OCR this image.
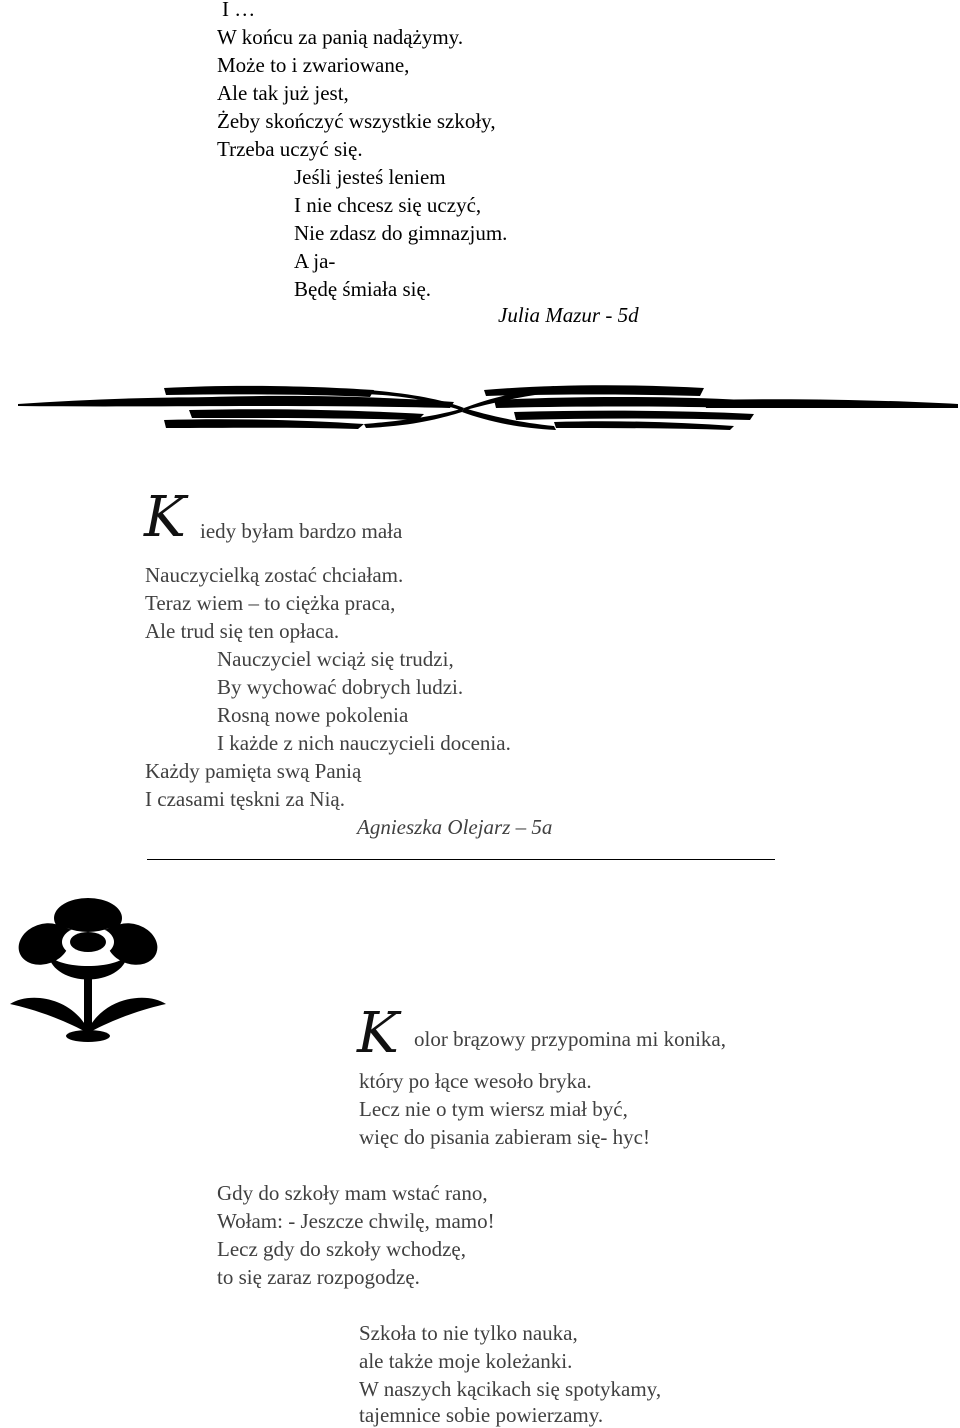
I …
W końcu za panią nadążymy.
Może to i zwariowane,
Ale tak już jest,
Żeby skończyć wszystkie szkoły,
Trzeba uczyć się.
Jeśli jesteś leniem
I nie chcesz się uczyć,
Nie zdasz do gimnazjum.
A ja-
Będę śmiała się.
Julia Mazur - 5d
K iedy byłam bardzo mała
Nauczycielką zostać chciałam.
Teraz wiem – to ciężka praca,
Ale trud się ten opłaca.
Nauczyciel wciąż się trudzi,
By wychować dobrych ludzi.
Rosną nowe pokolenia
I każde z nich nauczycieli docenia.
Każdy pamięta swą Panią
I czasami tęskni za Nią.
Agnieszka Olejarz – 5a
K olor brązowy przypomina mi konika,
który po łące wesoło bryka.
Lecz nie o tym wiersz miał być,
więc do pisania zabieram się- hyc!
Gdy do szkoły mam wstać rano,
Wołam: - Jeszcze chwilę, mamo!
Lecz gdy do szkoły wchodzę,
to się zaraz rozpogodzę.
Szkoła to nie tylko nauka,
ale także moje koleżanki.
W naszych kącikach się spotykamy,
tajemnice sobie powierzamy.
